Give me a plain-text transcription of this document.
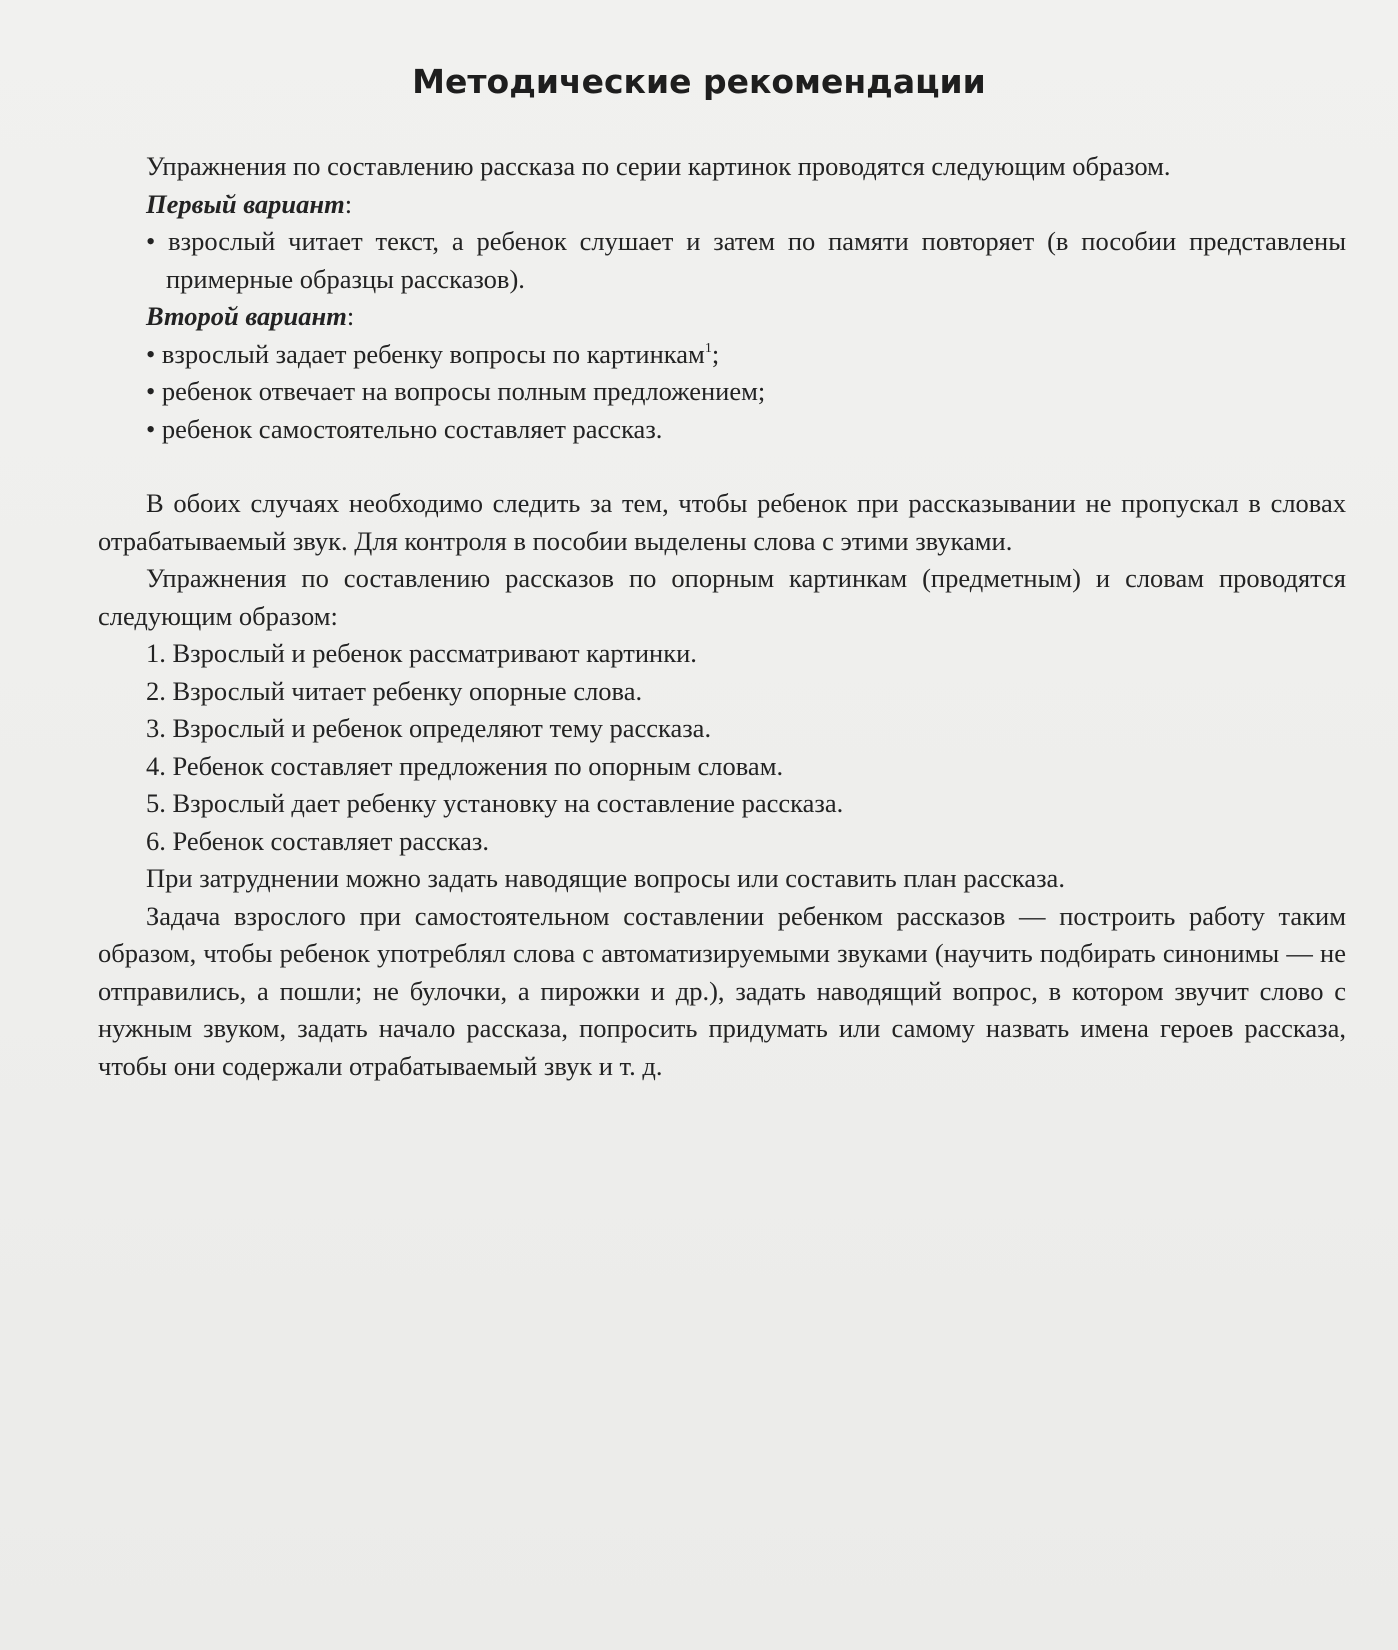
Методические рекомендации

Упражнения по составлению рассказа по серии картинок проводятся следующим образом.

Первый вариант:

• взрослый читает текст, а ребенок слушает и затем по памяти повторяет (в пособии представлены примерные образцы рассказов).

Второй вариант:

• взрослый задает ребенку вопросы по картинкам$^1$;

• ребенок отвечает на вопросы полным предложением;

• ребенок самостоятельно составляет рассказ.

В обоих случаях необходимо следить за тем, чтобы ребенок при рассказывании не пропускал в словах отрабатываемый звук. Для контроля в пособии выделены слова с этими звуками.

Упражнения по составлению рассказов по опорным картинкам (предметным) и словам проводятся следующим образом:

1. Взрослый и ребенок рассматривают картинки.

2. Взрослый читает ребенку опорные слова.

3. Взрослый и ребенок определяют тему рассказа.

4. Ребенок составляет предложения по опорным словам.

5. Взрослый дает ребенку установку на составление рассказа.

6. Ребенок составляет рассказ.

При затруднении можно задать наводящие вопросы или составить план рассказа.

Задача взрослого при самостоятельном составлении ребенком рассказов — построить работу таким образом, чтобы ребенок употреблял слова с автоматизируемыми звуками (научить подбирать синонимы — не отправились, а пошли; не булочки, а пирожки и др.), задать наводящий вопрос, в котором звучит слово с нужным звуком, задать начало рассказа, попросить придумать или самому назвать имена героев рассказа, чтобы они содержали отрабатываемый звук и т. д.
